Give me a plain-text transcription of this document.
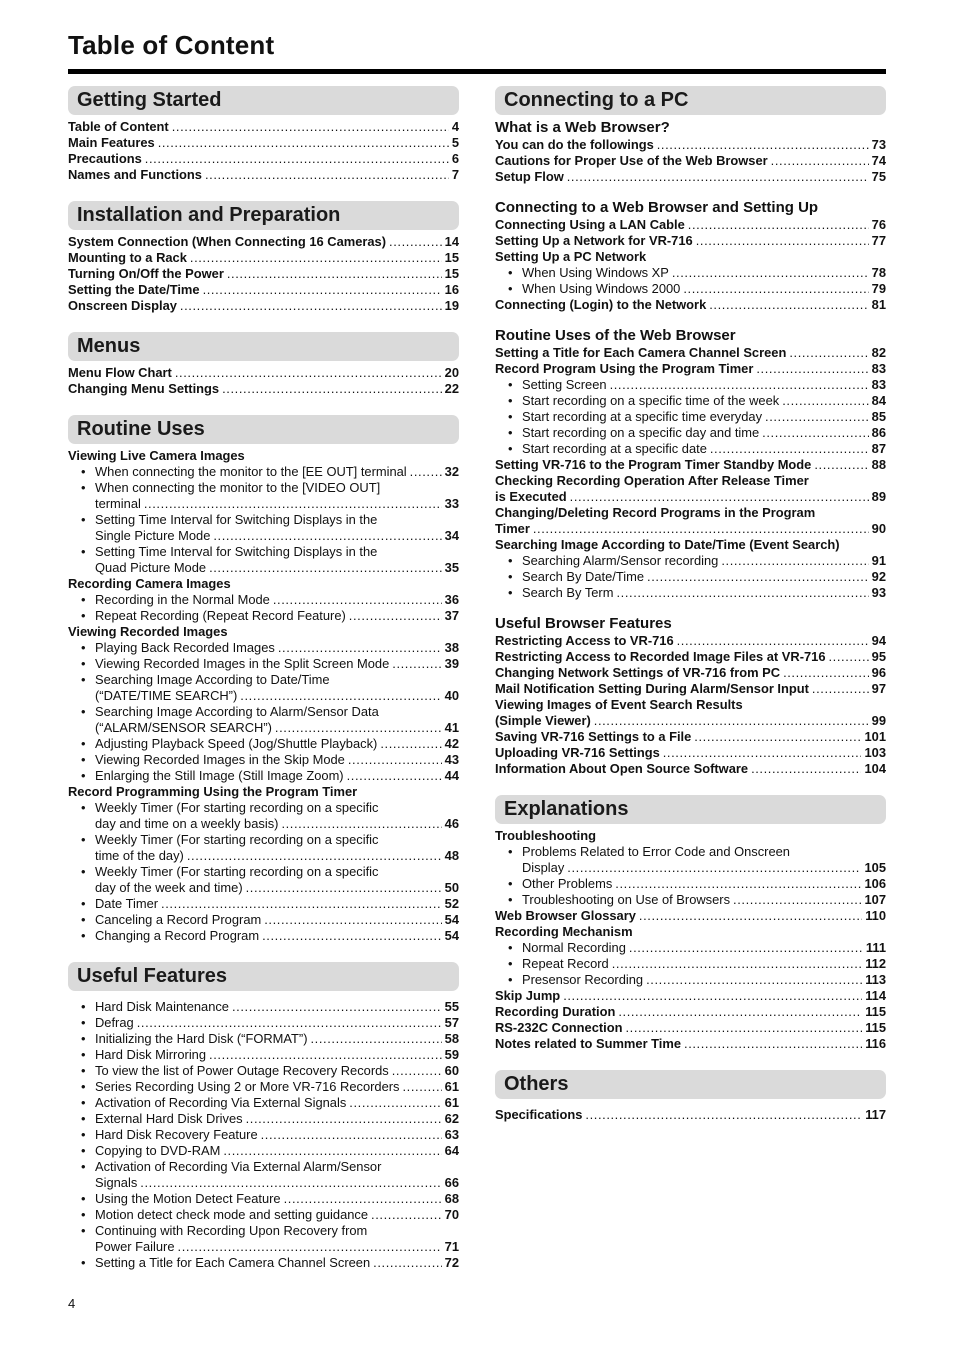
Table of Content
Getting Started
Table of Content .....	4
Main Features .....	5
Precautions .....	6
Names and Functions .....	7
Installation and Preparation
System Connection (When Connecting 16 Cameras) .....	14
Mounting to a Rack .....	15
Turning On/Off the Power .....	15
Setting the Date/Time .....	16
Onscreen Display .....	19
Menus
Menu Flow Chart .....	20
Changing Menu Settings .....	22
Routine Uses
Viewing Live Camera Images
• When connecting the monitor to the [EE OUT] terminal .....	32
• When connecting the monitor to the [VIDEO OUT]
terminal .....	33
• Setting Time Interval for Switching Displays in the
Single Picture Mode .....	34
• Setting Time Interval for Switching Displays in the
Quad Picture Mode .....	35
Recording Camera Images
• Recording in the Normal Mode .....	36
• Repeat Recording (Repeat Record Feature) .....	37
Viewing Recorded Images
• Playing Back Recorded Images .....	38
• Viewing Recorded Images in the Split Screen Mode .....	39
• Searching Image According to Date/Time
(“DATE/TIME SEARCH”) .....	40
• Searching Image According to Alarm/Sensor Data
(“ALARM/SENSOR SEARCH”) .....	41
• Adjusting Playback Speed (Jog/Shuttle Playback) .....	42
• Viewing Recorded Images in the Skip Mode .....	43
• Enlarging the Still Image (Still Image Zoom) .....	44
Record Programming Using the Program Timer
• Weekly Timer (For starting recording on a specific
day and time on a weekly basis) .....	46
• Weekly Timer (For starting recording on a specific
time of the day) .....	48
• Weekly Timer (For starting recording on a specific
day of the week and time) .....	50
• Date Timer .....	52
• Canceling a Record Program .....	54
• Changing a Record Program .....	54
Useful Features
• Hard Disk Maintenance .....	55
• Defrag .....	57
• Initializing the Hard Disk (“FORMAT”) .....	58
• Hard Disk Mirroring .....	59
• To view the list of Power Outage Recovery Records .....	60
• Series Recording Using 2 or More VR-716 Recorders .....	61
• Activation of Recording Via External Signals .....	61
• External Hard Disk Drives .....	62
• Hard Disk Recovery Feature .....	63
• Copying to DVD-RAM .....	64
• Activation of Recording Via External Alarm/Sensor
Signals .....	66
• Using the Motion Detect Feature .....	68
• Motion detect check mode and setting guidance .....	70
• Continuing with Recording Upon Recovery from
Power Failure .....	71
• Setting a Title for Each Camera Channel Screen .....	72
Connecting to a PC
What is a Web Browser?
You can do the followings .....	73
Cautions for Proper Use of the Web Browser .....	74
Setup Flow .....	75
Connecting to a Web Browser and Setting Up
Connecting Using a LAN Cable .....	76
Setting Up a Network for VR-716 .....	77
Setting Up a PC Network
• When Using Windows XP .....	78
• When Using Windows 2000 .....	79
Connecting (Login) to the Network .....	81
Routine Uses of the Web Browser
Setting a Title for Each Camera Channel Screen .....	82
Record Program Using the Program Timer .....	83
• Setting Screen .....	83
• Start recording on a specific time of the week .....	84
• Start recording at a specific time everyday .....	85
• Start recording on a specific day and time .....	86
• Start recording at a specific date .....	87
Setting VR-716 to the Program Timer Standby Mode .....	88
Checking Recording Operation After Release Timer
is Executed .....	89
Changing/Deleting Record Programs in the Program
Timer .....	90
Searching Image According to Date/Time (Event Search)
• Searching Alarm/Sensor recording .....	91
• Search By Date/Time .....	92
• Search By Term .....	93
Useful Browser Features
Restricting Access to VR-716 .....	94
Restricting Access to Recorded Image Files at VR-716 .....	95
Changing Network Settings of VR-716 from PC .....	96
Mail Notification Setting During Alarm/Sensor Input .....	97
Viewing Images of Event Search Results
(Simple Viewer) .....	99
Saving VR-716 Settings to a File .....	101
Uploading VR-716 Settings .....	103
Information About Open Source Software .....	104
Explanations
Troubleshooting
• Problems Related to Error Code and Onscreen
Display .....	105
• Other Problems .....	106
• Troubleshooting on Use of Browsers .....	107
Web Browser Glossary .....	110
Recording Mechanism
• Normal Recording .....	111
• Repeat Record .....	112
• Presensor Recording .....	113
Skip Jump .....	114
Recording Duration .....	115
RS-232C Connection .....	115
Notes related to Summer Time .....	116
Others
Specifications .....	117
4
